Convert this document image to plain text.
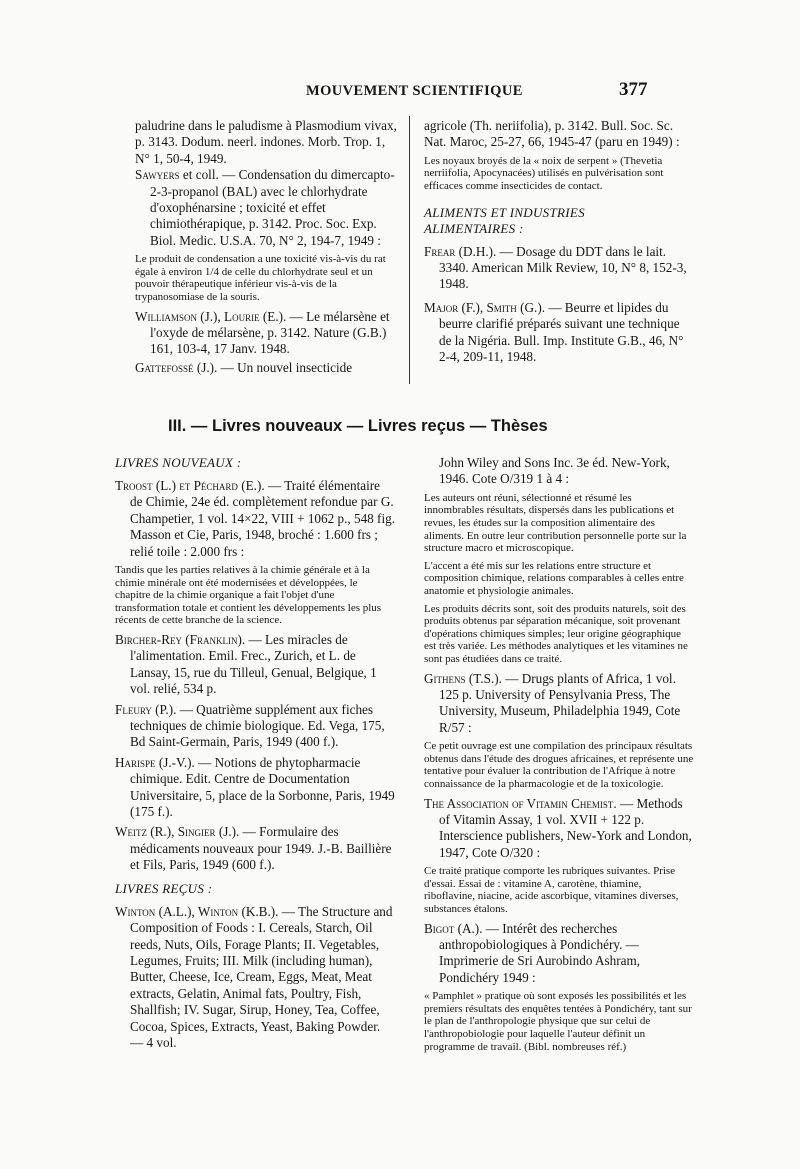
MOUVEMENT SCIENTIFIQUE	377

paludrine dans le paludisme à Plasmodium vivax, p. 3143. Dodum. neerl. indones. Morb. Trop. 1, N° 1, 50-4, 1949.

Sawyers et coll. — Condensation du dimercapto-2-3-propanol (BAL) avec le chlorhydrate d'oxophénarsine ; toxicité et effet chimiothérapique, p. 3142. Proc. Soc. Exp. Biol. Medic. U.S.A. 70, N° 2, 194-7, 1949 :

Le produit de condensation a une toxicité vis-à-vis du rat égale à environ 1/4 de celle du chlorhydrate seul et un pouvoir thérapeutique inférieur vis-à-vis de la trypanosomiase de la souris.

Williamson (J.), Lourie (E.). — Le mélarsène et l'oxyde de mélarsène, p. 3142. Nature (G.B.) 161, 103-4, 17 Janv. 1948.

Gattefossé (J.). — Un nouvel insecticide

agricole (Th. neriifolia), p. 3142. Bull. Soc. Sc. Nat. Maroc, 25-27, 66, 1945-47 (paru en 1949) :

Les noyaux broyés de la « noix de serpent » (Thevetia nerriifolia, Apocynacées) utilisés en pulvérisation sont efficaces comme insecticides de contact.

ALIMENTS ET INDUSTRIES

ALIMENTAIRES :

Frear (D.H.). — Dosage du DDT dans le lait. 3340. American Milk Review, 10, N° 8, 152-3, 1948.

Major (F.), Smith (G.). — Beurre et lipides du beurre clarifié préparés suivant une technique de la Nigéria. Bull. Imp. Institute G.B., 46, N° 2-4, 209-11, 1948.

III. — Livres nouveaux — Livres reçus — Thèses

LIVRES NOUVEAUX :

Troost (L.) et Péchard (E.). — Traité élémentaire de Chimie, 24e éd. complètement refondue par G. Champetier, 1 vol. 14×22, VIII + 1062 p., 548 fig. Masson et Cie, Paris, 1948, broché : 1.600 frs ; relié toile : 2.000 frs :

Tandis que les parties relatives à la chimie générale et à la chimie minérale ont été modernisées et développées, le chapitre de la chimie organique a fait l'objet d'une transformation totale et contient les développements les plus récents de cette branche de la science.

Bircher-Rey (Franklin). — Les miracles de l'alimentation. Emil. Frec., Zurich, et L. de Lansay, 15, rue du Tilleul, Genual, Belgique, 1 vol. relié, 534 p.

Fleury (P.). — Quatrième supplément aux fiches techniques de chimie biologique. Ed. Vega, 175, Bd Saint-Germain, Paris, 1949 (400 f.).

Harispe (J.-V.). — Notions de phytopharmacie chimique. Edit. Centre de Documentation Universitaire, 5, place de la Sorbonne, Paris, 1949 (175 f.).

Weitz (R.), Singier (J.). — Formulaire des médicaments nouveaux pour 1949. J.-B. Baillière et Fils, Paris, 1949 (600 f.).

LIVRES REÇUS :

Winton (A.L.), Winton (K.B.). — The Structure and Composition of Foods : I. Cereals, Starch, Oil reeds, Nuts, Oils, Forage Plants; II. Vegetables, Legumes, Fruits; III. Milk (including human), Butter, Cheese, Ice, Cream, Eggs, Meat, Meat extracts, Gelatin, Animal fats, Poultry, Fish, Shallfish; IV. Sugar, Sirup, Honey, Tea, Coffee, Cocoa, Spices, Extracts, Yeast, Baking Powder. — 4 vol.

John Wiley and Sons Inc. 3e éd. New-York, 1946. Cote O/319 1 à 4 :

Les auteurs ont réuni, sélectionné et résumé les innombrables résultats, dispersés dans les publications et revues, les études sur la composition alimentaire des aliments. En outre leur contribution personnelle porte sur la structure macro et microscopique.

L'accent a été mis sur les relations entre structure et composition chimique, relations comparables à celles entre anatomie et physiologie animales.

Les produits décrits sont, soit des produits naturels, soit des produits obtenus par séparation mécanique, soit provenant d'opérations chimiques simples; leur origine géographique est très variée. Les méthodes analytiques et les vitamines ne sont pas étudiées dans ce traité.

Githens (T.S.). — Drugs plants of Africa, 1 vol. 125 p. University of Pensylvania Press, The University, Museum, Philadelphia 1949, Cote R/57 :

Ce petit ouvrage est une compilation des principaux résultats obtenus dans l'étude des drogues africaines, et représente une tentative pour évaluer la contribution de l'Afrique à notre connaissance de la pharmacologie et de la toxicologie.

The Association of Vitamin Chemist. — Methods of Vitamin Assay, 1 vol. XVII + 122 p. Interscience publishers, New-York and London, 1947, Cote O/320 :

Ce traité pratique comporte les rubriques suivantes. Prise d'essai. Essai de : vitamine A, carotène, thiamine, riboflavine, niacine, acide ascorbique, vitamines diverses, substances étalons.

Bigot (A.). — Intérêt des recherches anthropobiologiques à Pondichéry. — Imprimerie de Sri Aurobindo Ashram, Pondichéry 1949 :

« Pamphlet » pratique où sont exposés les possibilités et les premiers résultats des enquêtes tentées à Pondichéry, tant sur le plan de l'anthropologie physique que sur celui de l'anthropobiologie pour laquelle l'auteur définit un programme de travail. (Bibl. nombreuses réf.)
